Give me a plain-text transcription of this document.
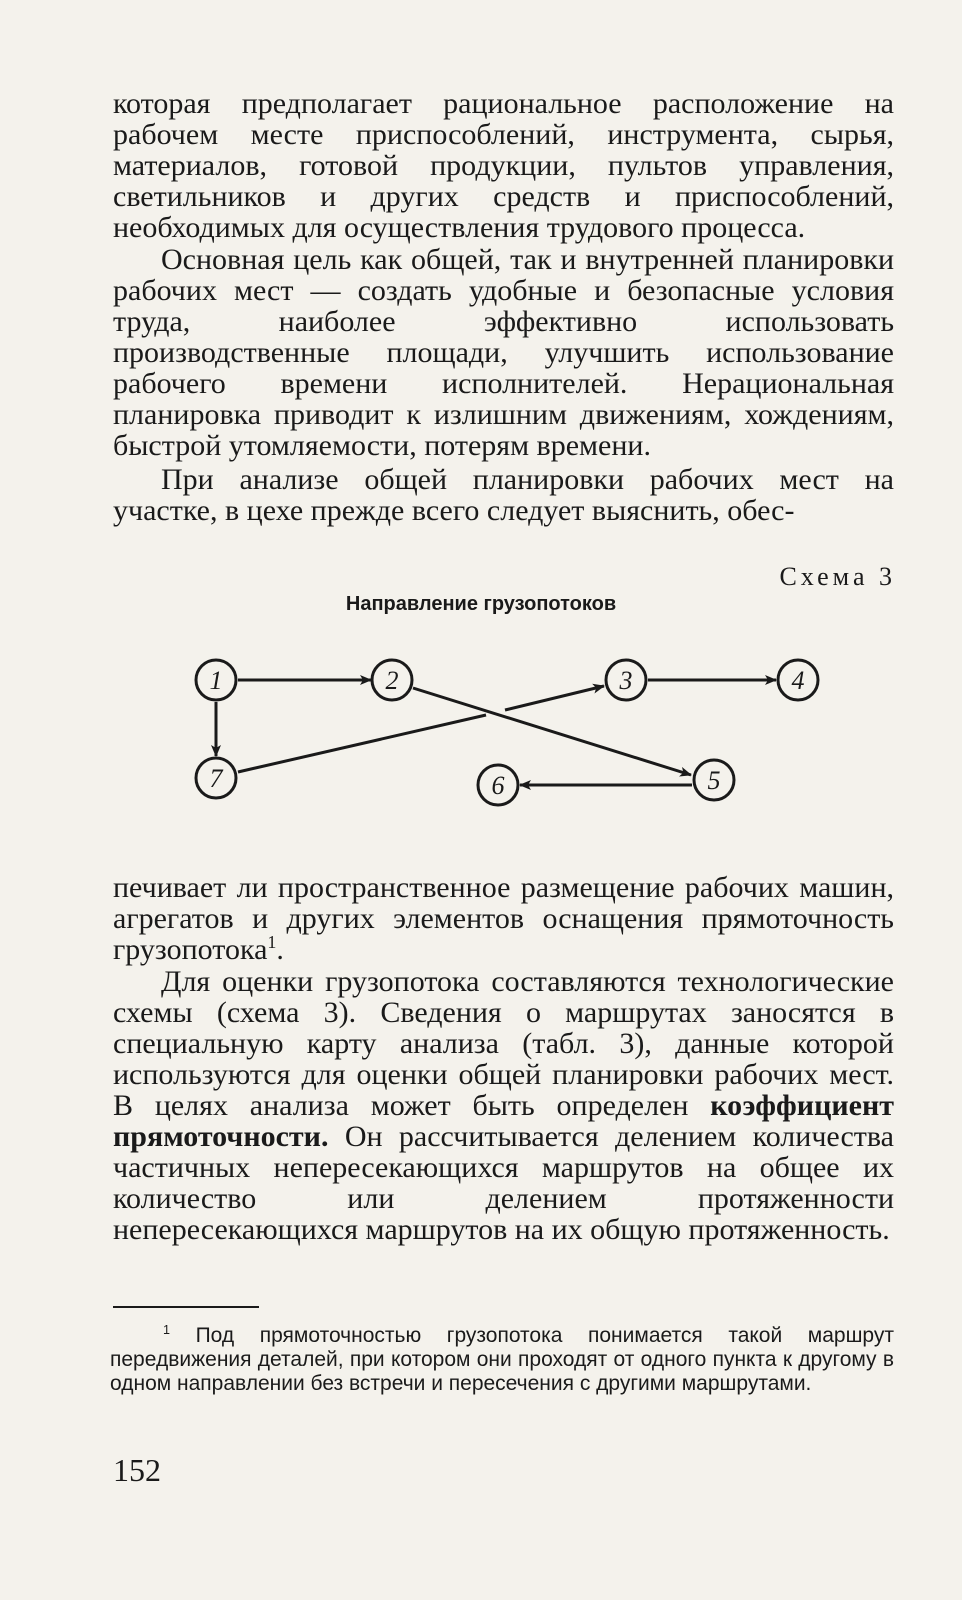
которая предполагает рациональное расположение на рабочем месте приспособлений, инструмента, сырья, материалов, готовой продукции, пультов управления, светильников и других средств и приспособлений, необходимых для осуществления трудового процесса.

Основная цель как общей, так и внутренней планировки рабочих мест — создать удобные и безопасные условия труда, наиболее эффективно использовать производственные площади, улучшить использование рабочего времени исполнителей. Нерациональная планировка приводит к излишним движениям, хождениям, быстрой утомляемости, потерям времени.

При анализе общей планировки рабочих мест на участке, в цехе прежде всего следует выяснить, обес-

Схема 3
Направление грузопотоков
1	2	3	4
5
6
7

печивает ли пространственное размещение рабочих машин, агрегатов и других элементов оснащения прямоточность грузопотока$^1$.

Для оценки грузопотока составляются технологические схемы (схема 3). Сведения о маршрутах заносятся в специальную карту анализа (табл. 3), данные которой используются для оценки общей планировки рабочих мест. В целях анализа может быть определен коэффициент прямоточности. Он рассчитывается делением количества частичных непересекающихся маршрутов на общее их количество или делением протяженности непересекающихся маршрутов на их общую протяженность.

$^1$ Под прямоточностью грузопотока понимается такой маршрут передвижения деталей, при котором они проходят от одного пункта к другому в одном направлении без встречи и пересечения с другими маршрутами.

152
